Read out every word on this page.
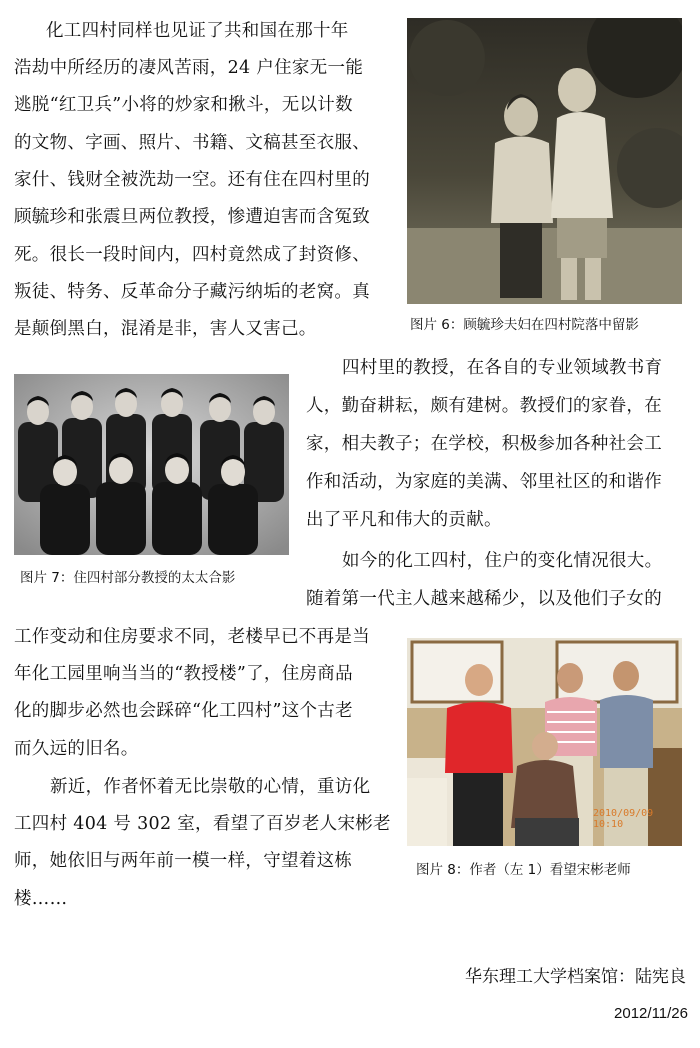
化工四村同样也见证了共和国在那十年
浩劫中所经历的凄风苦雨，24 户住家无一能
逃脱“红卫兵”小将的炒家和揪斗，无以计数
的文物、字画、照片、书籍、文稿甚至衣服、
家什、钱财全被洗劫一空。还有住在四村里的
顾毓珍和张震旦两位教授，惨遭迫害而含冤致
死。很长一段时间内，四村竟然成了封资修、
叛徒、特务、反革命分子藏污纳垢的老窝。真
是颠倒黑白，混淆是非，害人又害己。	图片 6：顾毓珍夫妇在四村院落中留影
图片 7：住四村部分教授的太太合影
四村里的教授，在各自的专业领域教书育
人，勤奋耕耘，颇有建树。教授们的家眷，在
家，相夫教子；在学校，积极参加各种社会工
作和活动，为家庭的美满、邻里社区的和谐作
出了平凡和伟大的贡献。
如今的化工四村，住户的变化情况很大。
随着第一代主人越来越稀少，以及他们子女的
工作变动和住房要求不同，老楼早已不再是当
年化工园里响当当的“教授楼”了，住房商品
化的脚步必然也会踩碎“化工四村”这个古老
而久远的旧名。
2010/09/09 10:10
图片 8：作者（左 1）看望宋彬老师
新近，作者怀着无比崇敬的心情，重访化
工四村 404 号 302 室，看望了百岁老人宋彬老
师，她依旧与两年前一模一样，守望着这栋
楼……
华东理工大学档案馆：陆宪良
2012/11/26
